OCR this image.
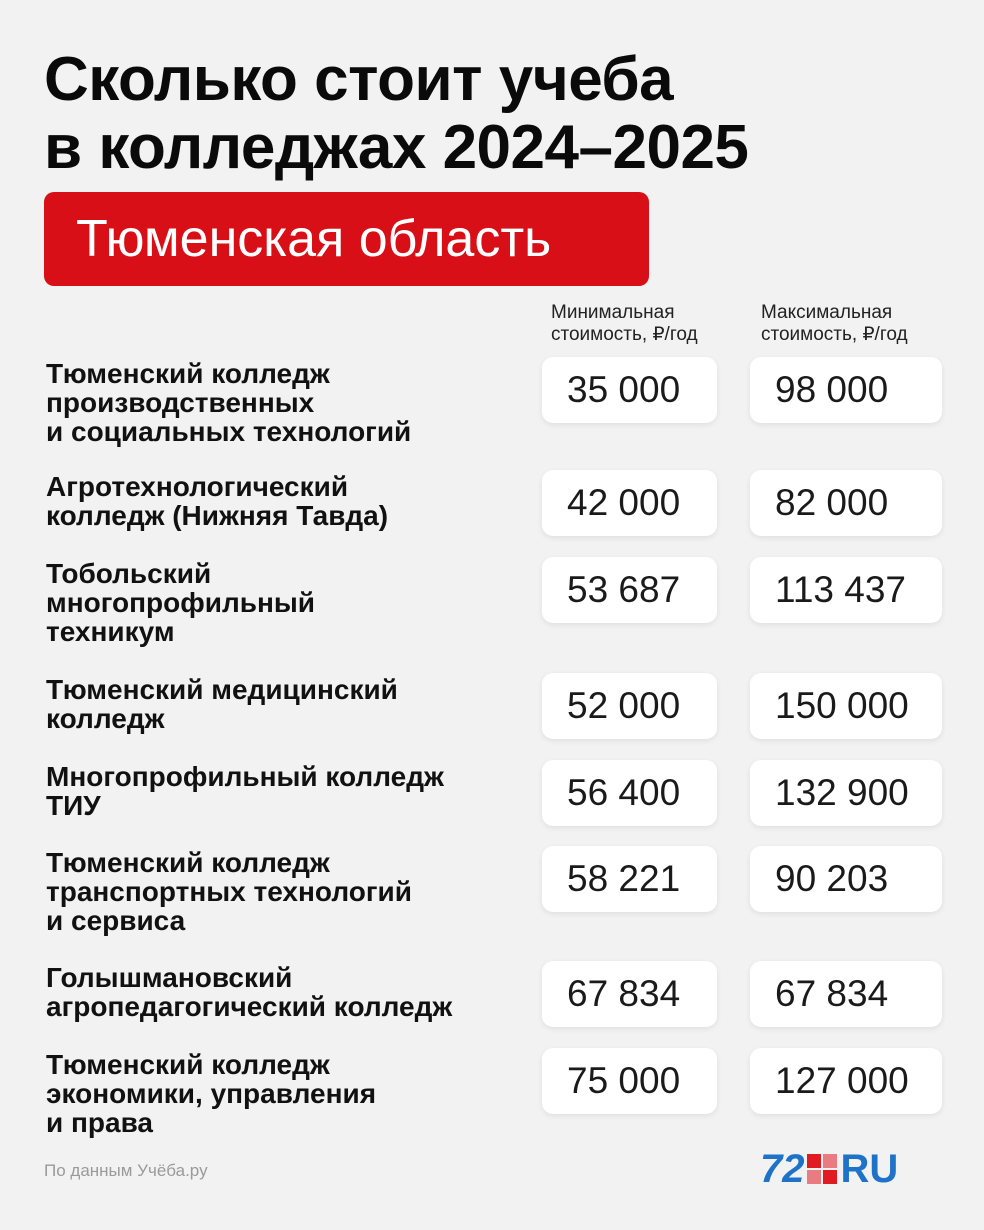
Сколько стоит учеба
в колледжах 2024–2025
Тюменская область
Минимальная
стоимость, ₽/год
Максимальная
стоимость, ₽/год
Тюменский колледж
производственных
и социальных технологий
35 000	98 000
Агротехнологический
колледж (Нижняя Тавда)	42 000	82 000
Тобольский
многопрофильный
техникум
53 687	113 437
Тюменский медицинский
колледж	52 000	150 000
Многопрофильный колледж
ТИУ	56 400	132 900
Тюменский колледж
транспортных технологий
и сервиса
58 221	90 203
Голышмановский
агропедагогический колледж	67 834	67 834
Тюменский колледж
экономики, управления
и права
75 000	127 000
По данным Учёба.ру	72 RU
